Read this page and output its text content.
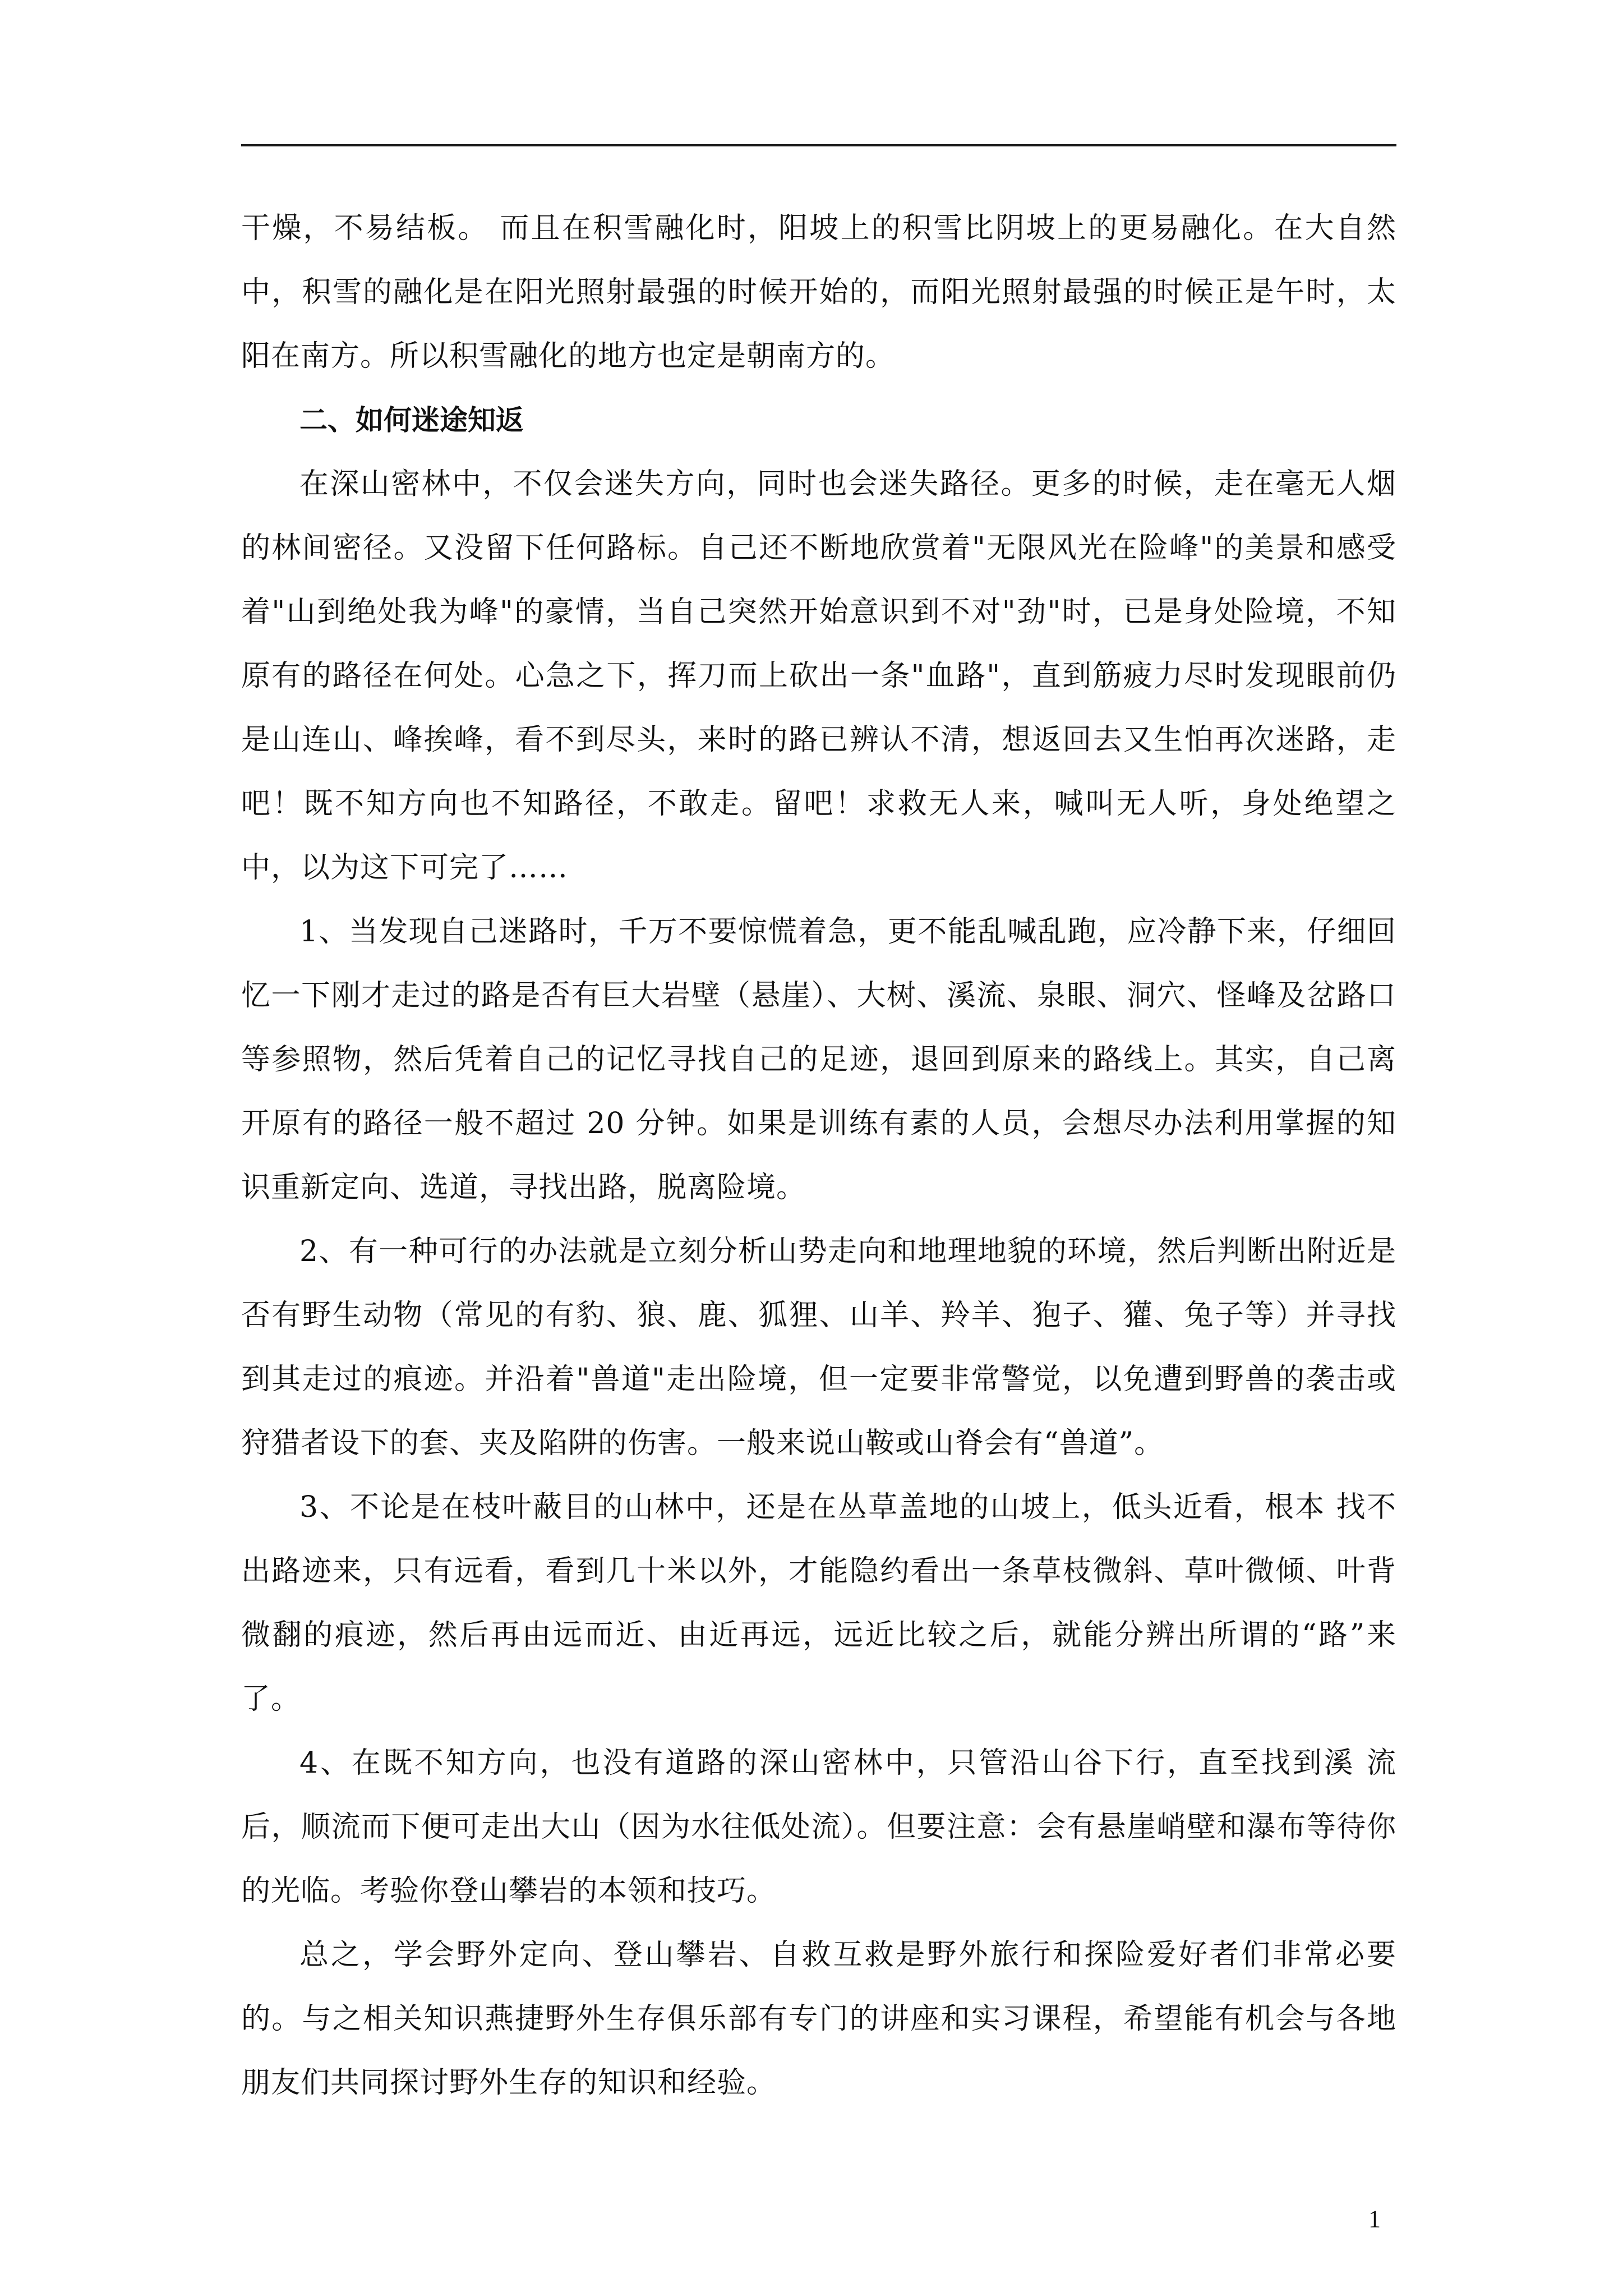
干燥，不易结板。 而且在积雪融化时，阳坡上的积雪比阴坡上的更易融化。在大自然中，积雪的融化是在阳光照射最强的时候开始的，而阳光照射最强的时候正是午时，太阳在南方。所以积雪融化的地方也定是朝南方的。

二、如何迷途知返

在深山密林中，不仅会迷失方向，同时也会迷失路径。更多的时候，走在毫无人烟的林间密径。又没留下任何路标。自己还不断地欣赏着"无限风光在险峰"的美景和感受着"山到绝处我为峰"的豪情，当自己突然开始意识到不对"劲"时，已是身处险境，不知原有的路径在何处。心急之下，挥刀而上砍出一条"血路"，直到筋疲力尽时发现眼前仍是山连山、峰挨峰，看不到尽头，来时的路已辨认不清，想返回去又生怕再次迷路，走吧！既不知方向也不知路径，不敢走。留吧！求救无人来，喊叫无人听，身处绝望之中，以为这下可完了……

1、当发现自己迷路时，千万不要惊慌着急，更不能乱喊乱跑，应冷静下来，仔细回忆一下刚才走过的路是否有巨大岩壁（悬崖）、大树、溪流、泉眼、洞穴、怪峰及岔路口等参照物，然后凭着自己的记忆寻找自己的足迹，退回到原来的路线上。其实，自己离开原有的路径一般不超过 20 分钟。如果是训练有素的人员，会想尽办法利用掌握的知识重新定向、选道，寻找出路，脱离险境。

2、有一种可行的办法就是立刻分析山势走向和地理地貌的环境，然后判断出附近是否有野生动物（常见的有豹、狼、鹿、狐狸、山羊、羚羊、狍子、獾、兔子等）并寻找到其走过的痕迹。并沿着"兽道"走出险境，但一定要非常警觉，以免遭到野兽的袭击或狩猎者设下的套、夹及陷阱的伤害。一般来说山鞍或山脊会有“兽道”。

3、不论是在枝叶蔽目的山林中，还是在丛草盖地的山坡上，低头近看，根本 找不出路迹来，只有远看，看到几十米以外，才能隐约看出一条草枝微斜、草叶微倾、叶背微翻的痕迹，然后再由远而近、由近再远，远近比较之后，就能分辨出所谓的“路”来了。

4、在既不知方向，也没有道路的深山密林中，只管沿山谷下行，直至找到溪 流后，顺流而下便可走出大山（因为水往低处流）。但要注意：会有悬崖峭壁和瀑布等待你的光临。考验你登山攀岩的本领和技巧。

总之，学会野外定向、登山攀岩、自救互救是野外旅行和探险爱好者们非常必要的。与之相关知识燕捷野外生存俱乐部有专门的讲座和实习课程，希望能有机会与各地朋友们共同探讨野外生存的知识和经验。

1
